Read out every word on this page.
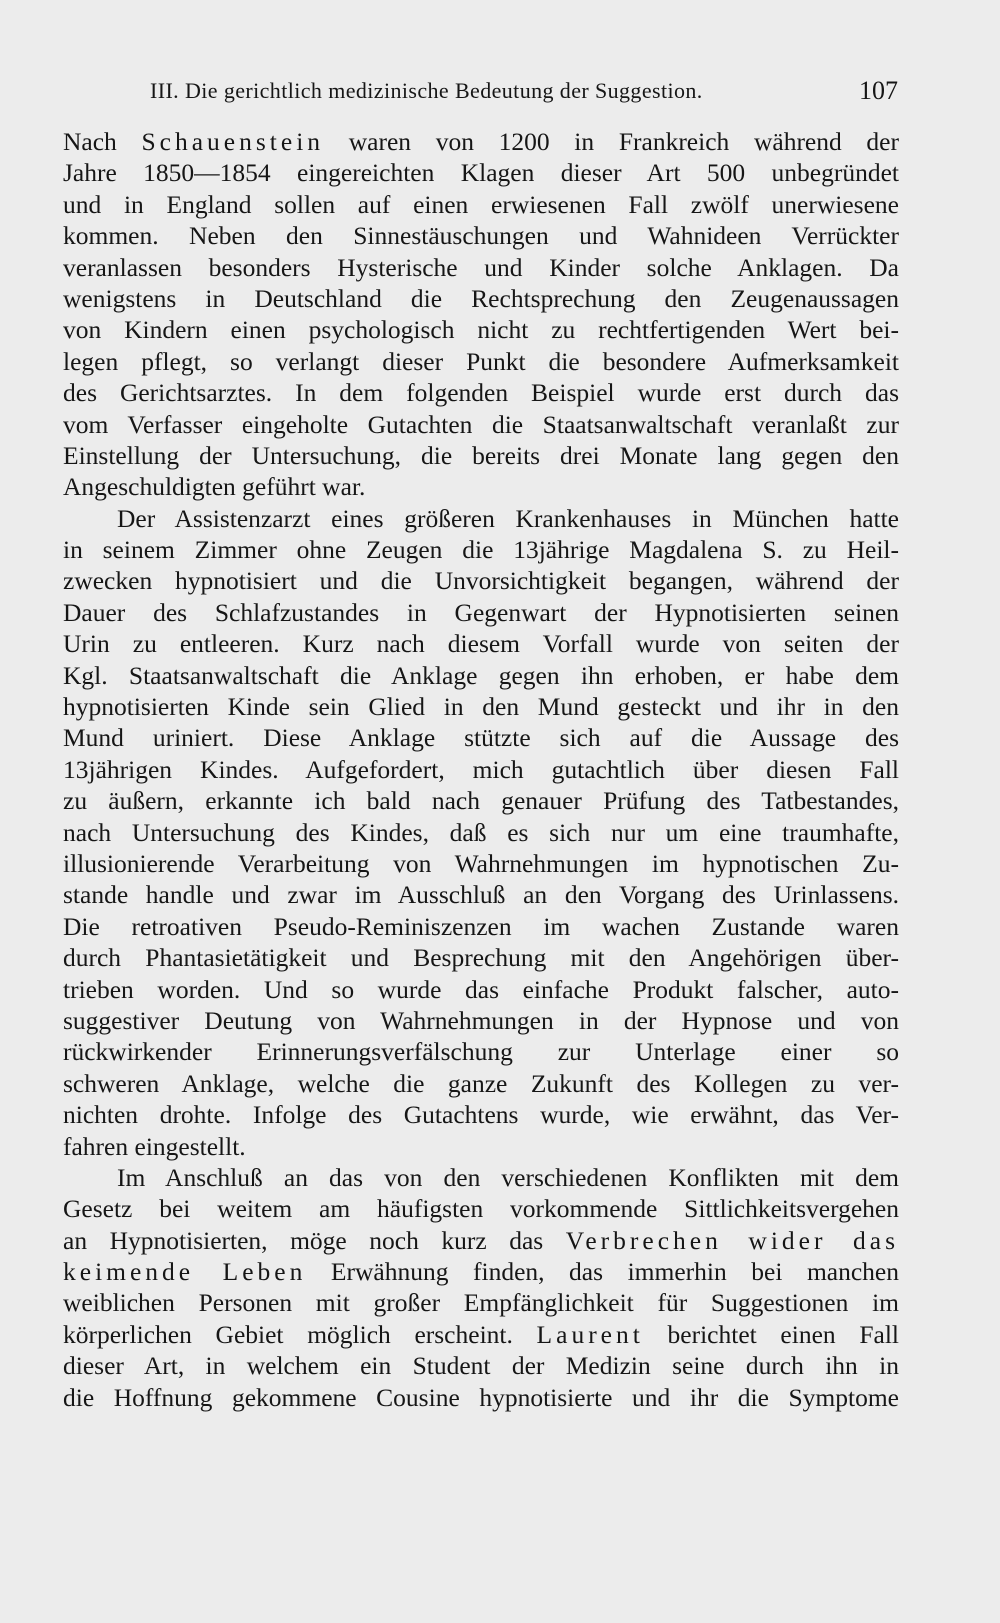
III. Die gerichtlich medizinische Bedeutung der Suggestion.	107
Nach Schauenstein waren von 1200 in Frankreich während der
Jahre 1850—1854 eingereichten Klagen dieser Art 500 unbegründet
und in England sollen auf einen erwiesenen Fall zwölf unerwiesene
kommen. Neben den Sinnestäuschungen und Wahnideen Verrückter
veranlassen besonders Hysterische und Kinder solche Anklagen. Da
wenigstens in Deutschland die Rechtsprechung den Zeugenaussagen
von Kindern einen psychologisch nicht zu rechtfertigenden Wert bei-
legen pflegt, so verlangt dieser Punkt die besondere Aufmerksamkeit
des Gerichtsarztes. In dem folgenden Beispiel wurde erst durch das
vom Verfasser eingeholte Gutachten die Staatsanwaltschaft veranlaßt zur
Einstellung der Untersuchung, die bereits drei Monate lang gegen den
Angeschuldigten geführt war.
Der Assistenzarzt eines größeren Krankenhauses in München hatte
in seinem Zimmer ohne Zeugen die 13jährige Magdalena S. zu Heil-
zwecken hypnotisiert und die Unvorsichtigkeit begangen, während der
Dauer des Schlafzustandes in Gegenwart der Hypnotisierten seinen
Urin zu entleeren. Kurz nach diesem Vorfall wurde von seiten der
Kgl. Staatsanwaltschaft die Anklage gegen ihn erhoben, er habe dem
hypnotisierten Kinde sein Glied in den Mund gesteckt und ihr in den
Mund uriniert. Diese Anklage stützte sich auf die Aussage des
13jährigen Kindes. Aufgefordert, mich gutachtlich über diesen Fall
zu äußern, erkannte ich bald nach genauer Prüfung des Tatbestandes,
nach Untersuchung des Kindes, daß es sich nur um eine traumhafte,
illusionierende Verarbeitung von Wahrnehmungen im hypnotischen Zu-
stande handle und zwar im Ausschluß an den Vorgang des Urinlassens.
Die retroativen Pseudo-Reminiszenzen im wachen Zustande waren
durch Phantasietätigkeit und Besprechung mit den Angehörigen über-
trieben worden. Und so wurde das einfache Produkt falscher, auto-
suggestiver Deutung von Wahrnehmungen in der Hypnose und von
rückwirkender Erinnerungsverfälschung zur Unterlage einer so
schweren Anklage, welche die ganze Zukunft des Kollegen zu ver-
nichten drohte. Infolge des Gutachtens wurde, wie erwähnt, das Ver-
fahren eingestellt.
Im Anschluß an das von den verschiedenen Konflikten mit dem
Gesetz bei weitem am häufigsten vorkommende Sittlichkeitsvergehen
an Hypnotisierten, möge noch kurz das Verbrechen wider das
keimende Leben Erwähnung finden, das immerhin bei manchen
weiblichen Personen mit großer Empfänglichkeit für Suggestionen im
körperlichen Gebiet möglich erscheint. Laurent berichtet einen Fall
dieser Art, in welchem ein Student der Medizin seine durch ihn in
die Hoffnung gekommene Cousine hypnotisierte und ihr die Symptome
